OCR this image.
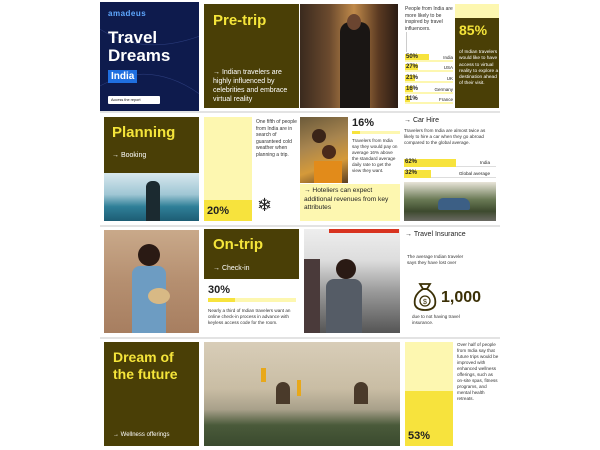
amadeus
Travel
Dreams
India
Access the report
Pre-trip
→ Indian travelers are highly influenced by celebrities and embrace virtual reality
People from India are more likely to be inspired by travel influencers.
50%	India
27%	USA
21%	UK
16%	Germany
11%	France
85%
of Indian travelers would like to have access to virtual reality to explore a destination ahead of their visit.
Planning
→ Booking
20%
One fifth of people from India are in search of guaranteed cold weather when planning a trip.
❄
16%
Travelers from India say they would pay on average 16% above the standard average daily rate to get the view they want.
→ Hoteliers can expect additional revenues from key attributes
→ Car Hire
Travelers from India are almost twice as likely to hire a car when they go abroad compared to the global average.
62%	India
32%	Global average
On-trip
→ Check-in
30%
Nearly a third of Indian travelers want an online check-in process in advance with keyless access code for the room.
→ Travel Insurance
The average Indian traveler says they have lost over
$ 1,000
due to not having travel insurance.
Dream of
the future
→ Wellness offerings	53%
Over half of people from India say that future trips would be improved with enhanced wellness offerings, such as on-site spas, fitness programs, and mental health retreats.
